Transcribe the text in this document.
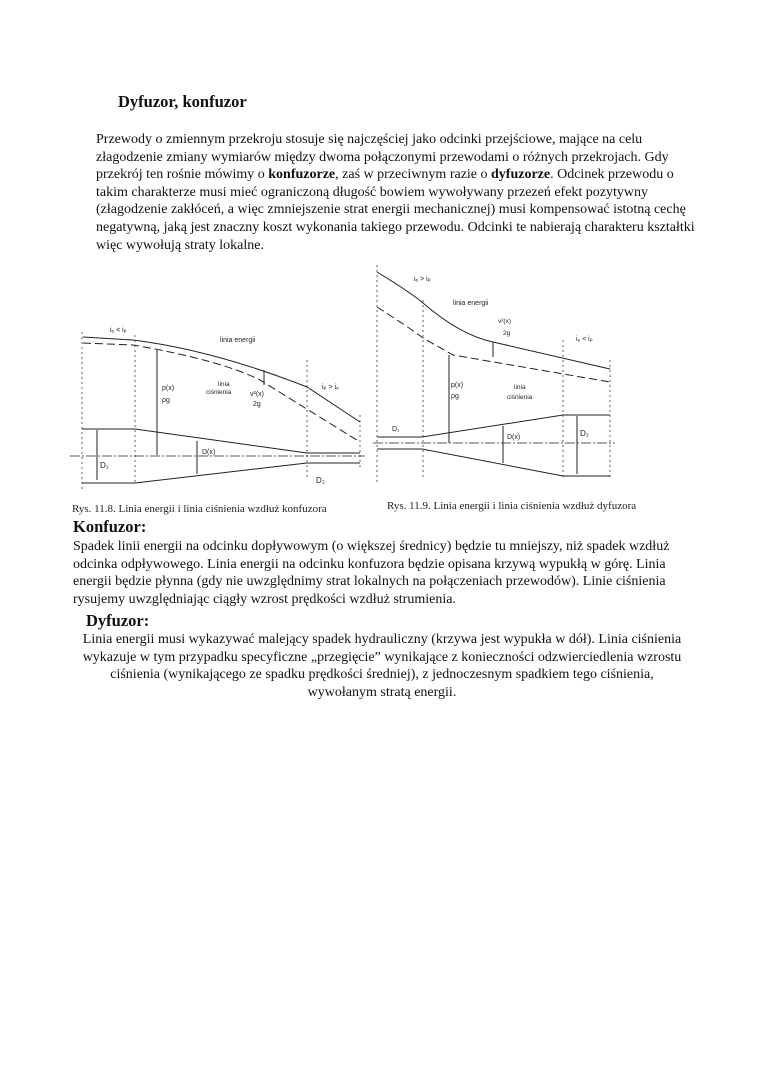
Dyfuzor, konfuzor
Przewody o zmiennym przekroju stosuje się najczęściej jako odcinki przejściowe, mające na celu złagodzenie zmiany wymiarów między dwoma połączonymi przewodami o różnych przekrojach. Gdy przekrój ten rośnie mówimy o konfuzorze, zaś w przeciwnym razie o dyfuzorze. Odcinek przewodu o takim charakterze musi mieć ograniczoną długość bowiem wywoływany przezeń efekt pozytywny (złagodzenie zakłóceń, a więc zmniejszenie strat energii mechanicznej) musi kompensować istotną cechę negatywną, jaką jest znaczny koszt wykonania takiego przewodu. Odcinki te nabierają charakteru kształtki więc wywołują straty lokalne.
iₑ < iₚ
linia energii
linia
ciśnienia
p(x)
ρg
v²(x)
2g
iₚ > iₑ
D₁
D(x)
D₂
Rys. 11.8. Linia energii i linia ciśnienia wzdłuż konfuzora
iₑ > iₚ
linia energii
v²(x)
2g
iₑ < iₚ
p(x)
ρg
linia
ciśnienia
D₁
D(x)	D₂
Rys. 11.9. Linia energii i linia ciśnienia wzdłuż dyfuzora
Konfuzor:
Spadek linii energii na odcinku dopływowym (o większej średnicy) będzie tu mniejszy, niż spadek wzdłuż odcinka odpływowego. Linia energii na odcinku konfuzora będzie opisana krzywą wypukłą w górę. Linia energii będzie płynna (gdy nie uwzględnimy strat lokalnych na połączeniach przewodów). Linie ciśnienia rysujemy uwzględniając ciągły wzrost prędkości wzdłuż strumienia.
Dyfuzor:
Linia energii musi wykazywać malejący spadek hydrauliczny (krzywa jest wypukła w dół). Linia ciśnienia wykazuje w tym przypadku specyficzne „przegięcie” wynikające z konieczności odzwierciedlenia wzrostu ciśnienia (wynikającego ze spadku prędkości średniej), z jednoczesnym spadkiem tego ciśnienia, wywołanym stratą energii.
